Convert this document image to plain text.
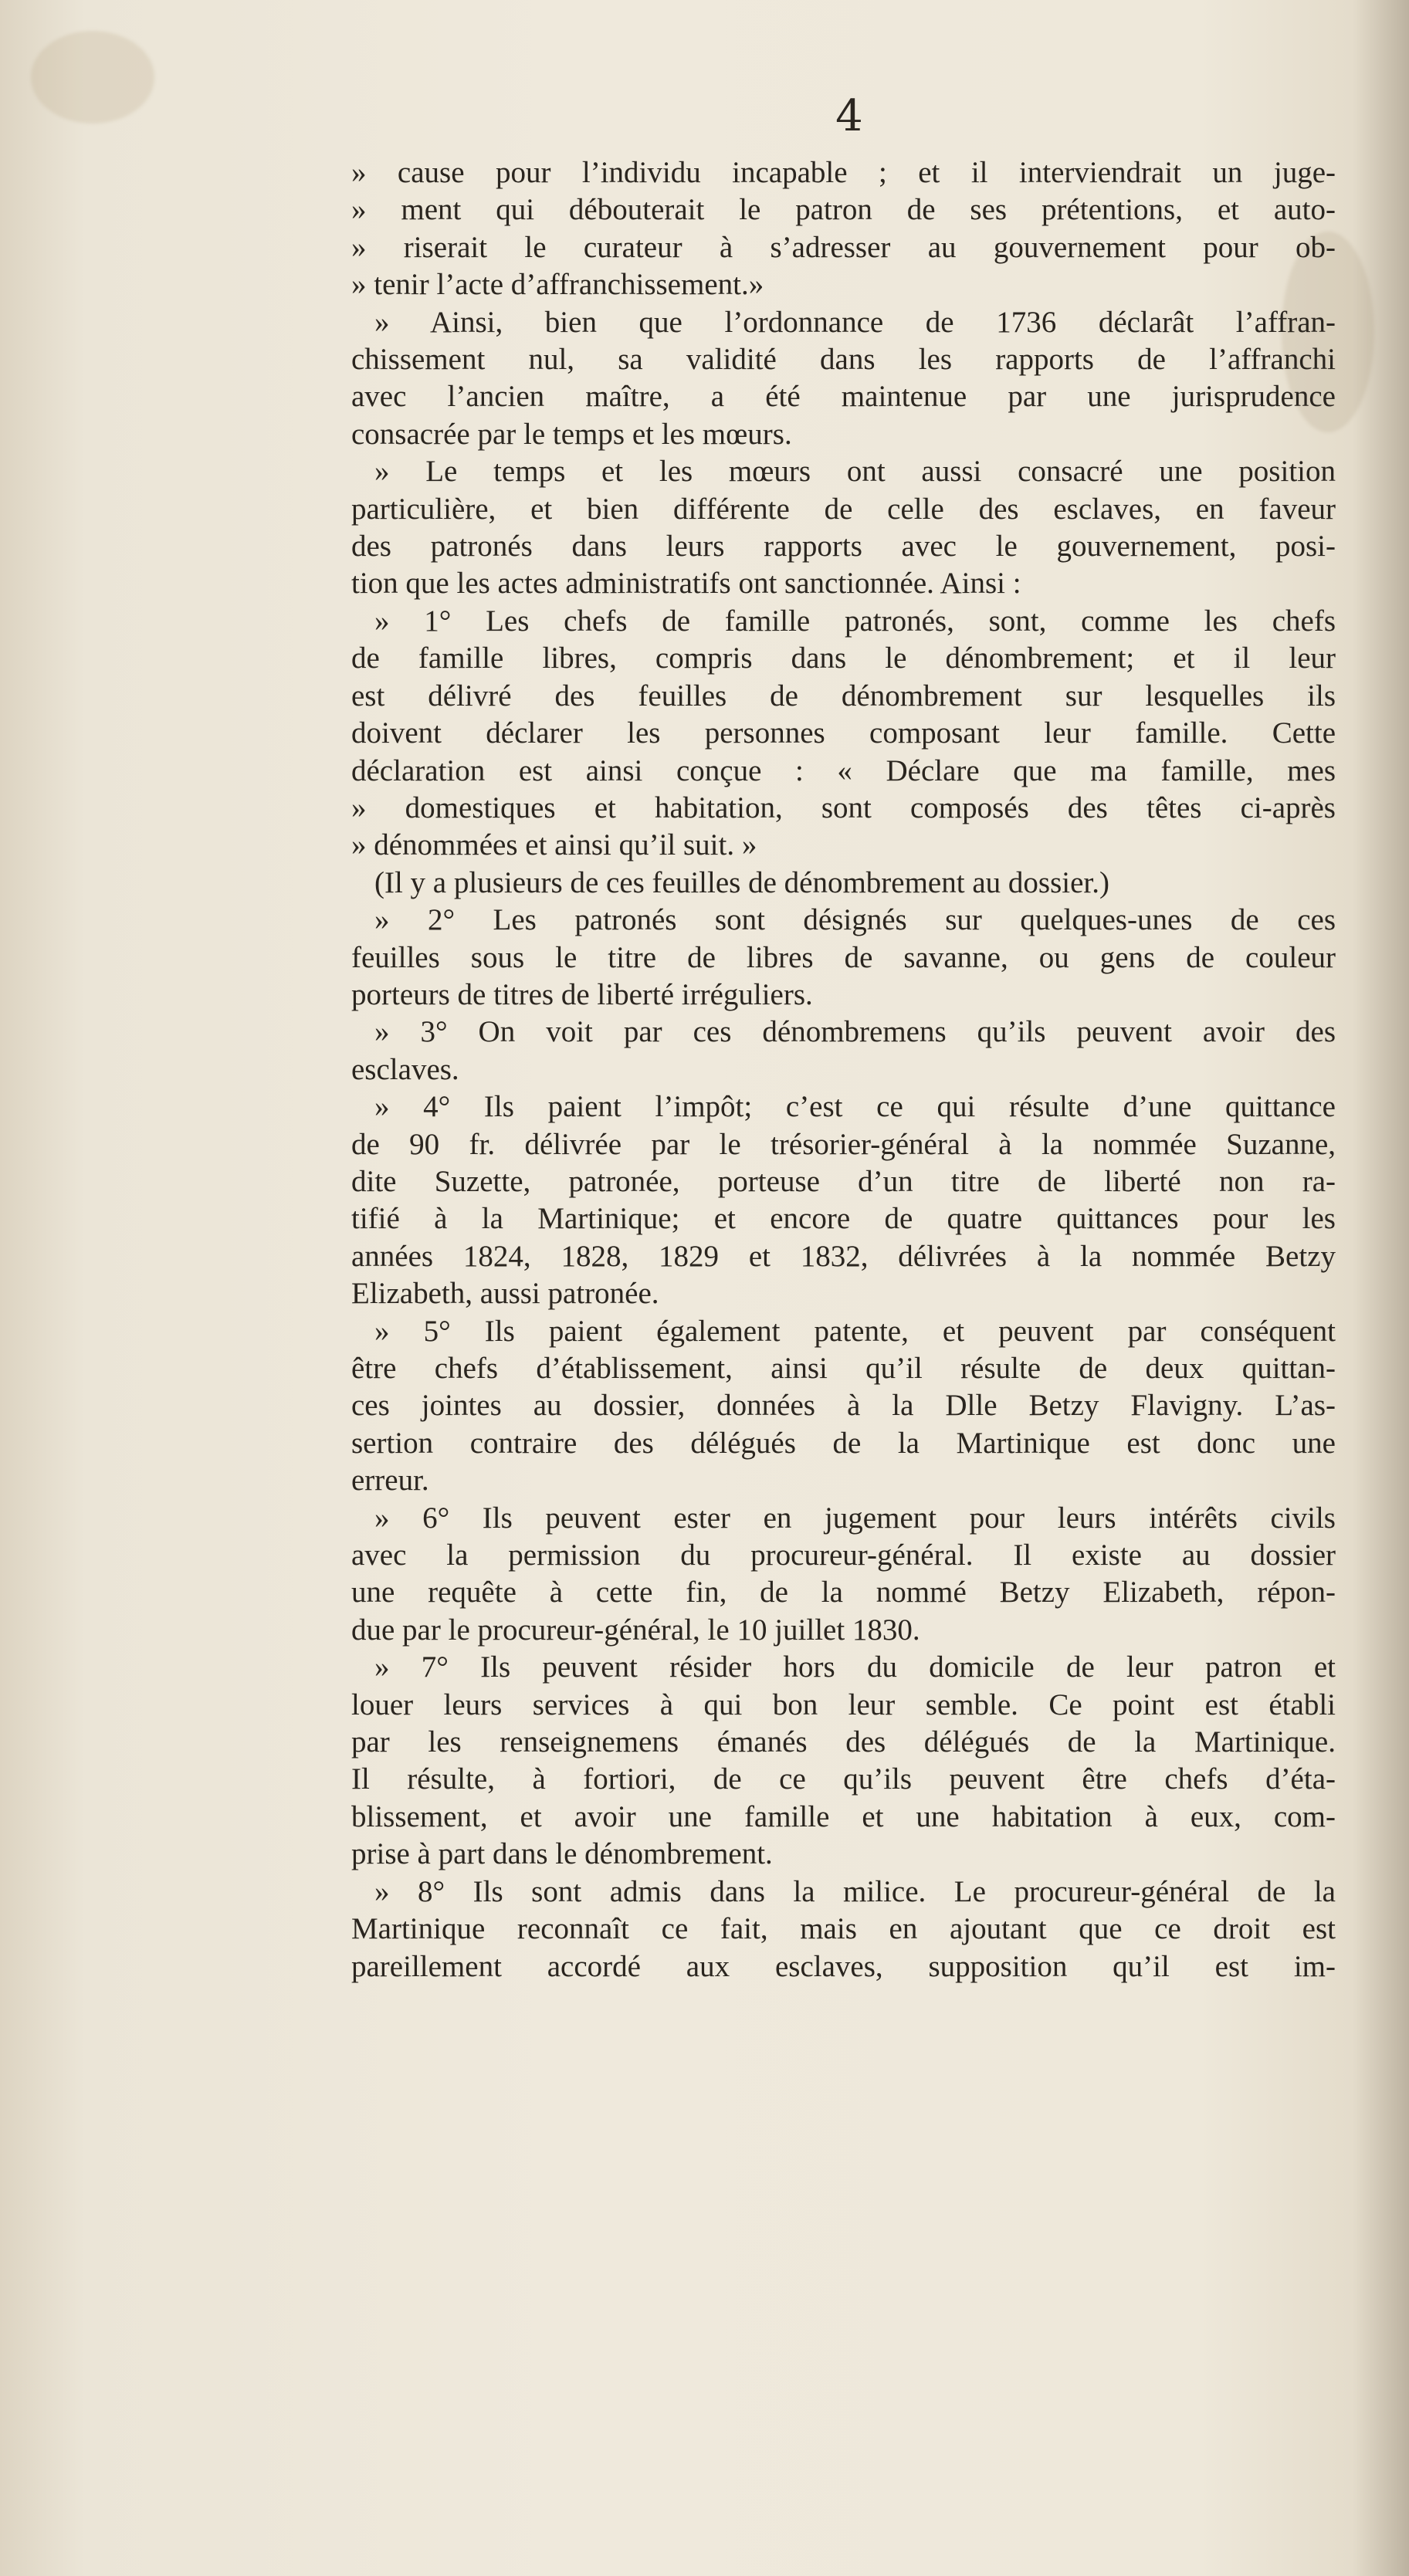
4
» cause pour l’individu incapable ; et il interviendrait un juge-
» ment qui débouterait le patron de ses prétentions, et auto-
» riserait le curateur à s’adresser au gouvernement pour ob-
» tenir l’acte d’affranchissement.»
» Ainsi, bien que l’ordonnance de 1736 déclarât l’affran-
chissement nul, sa validité dans les rapports de l’affranchi
avec l’ancien maître, a été maintenue par une jurisprudence
consacrée par le temps et les mœurs.
» Le temps et les mœurs ont aussi consacré une position
particulière, et bien différente de celle des esclaves, en faveur
des patronés dans leurs rapports avec le gouvernement, posi-
tion que les actes administratifs ont sanctionnée. Ainsi :
» 1° Les chefs de famille patronés, sont, comme les chefs
de famille libres, compris dans le dénombrement; et il leur
est délivré des feuilles de dénombrement sur lesquelles ils
doivent déclarer les personnes composant leur famille. Cette
déclaration est ainsi conçue : « Déclare que ma famille, mes
» domestiques et habitation, sont composés des têtes ci-après
» dénommées et ainsi qu’il suit. »
(Il y a plusieurs de ces feuilles de dénombrement au dossier.)
» 2° Les patronés sont désignés sur quelques-unes de ces
feuilles sous le titre de libres de savanne, ou gens de couleur
porteurs de titres de liberté irréguliers.
» 3° On voit par ces dénombremens qu’ils peuvent avoir des
esclaves.
» 4° Ils paient l’impôt; c’est ce qui résulte d’une quittance
de 90 fr. délivrée par le trésorier-général à la nommée Suzanne,
dite Suzette, patronée, porteuse d’un titre de liberté non ra-
tifié à la Martinique; et encore de quatre quittances pour les
années 1824, 1828, 1829 et 1832, délivrées à la nommée Betzy
Elizabeth, aussi patronée.
» 5° Ils paient également patente, et peuvent par conséquent
être chefs d’établissement, ainsi qu’il résulte de deux quittan-
ces jointes au dossier, données à la Dlle Betzy Flavigny. L’as-
sertion contraire des délégués de la Martinique est donc une
erreur.
» 6° Ils peuvent ester en jugement pour leurs intérêts civils
avec la permission du procureur-général. Il existe au dossier
une requête à cette fin, de la nommé Betzy Elizabeth, répon-
due par le procureur-général, le 10 juillet 1830.
» 7° Ils peuvent résider hors du domicile de leur patron et
louer leurs services à qui bon leur semble. Ce point est établi
par les renseignemens émanés des délégués de la Martinique.
Il résulte, à fortiori, de ce qu’ils peuvent être chefs d’éta-
blissement, et avoir une famille et une habitation à eux, com-
prise à part dans le dénombrement.
» 8° Ils sont admis dans la milice. Le procureur-général de la
Martinique reconnaît ce fait, mais en ajoutant que ce droit est
pareillement accordé aux esclaves, supposition qu’il est im-
